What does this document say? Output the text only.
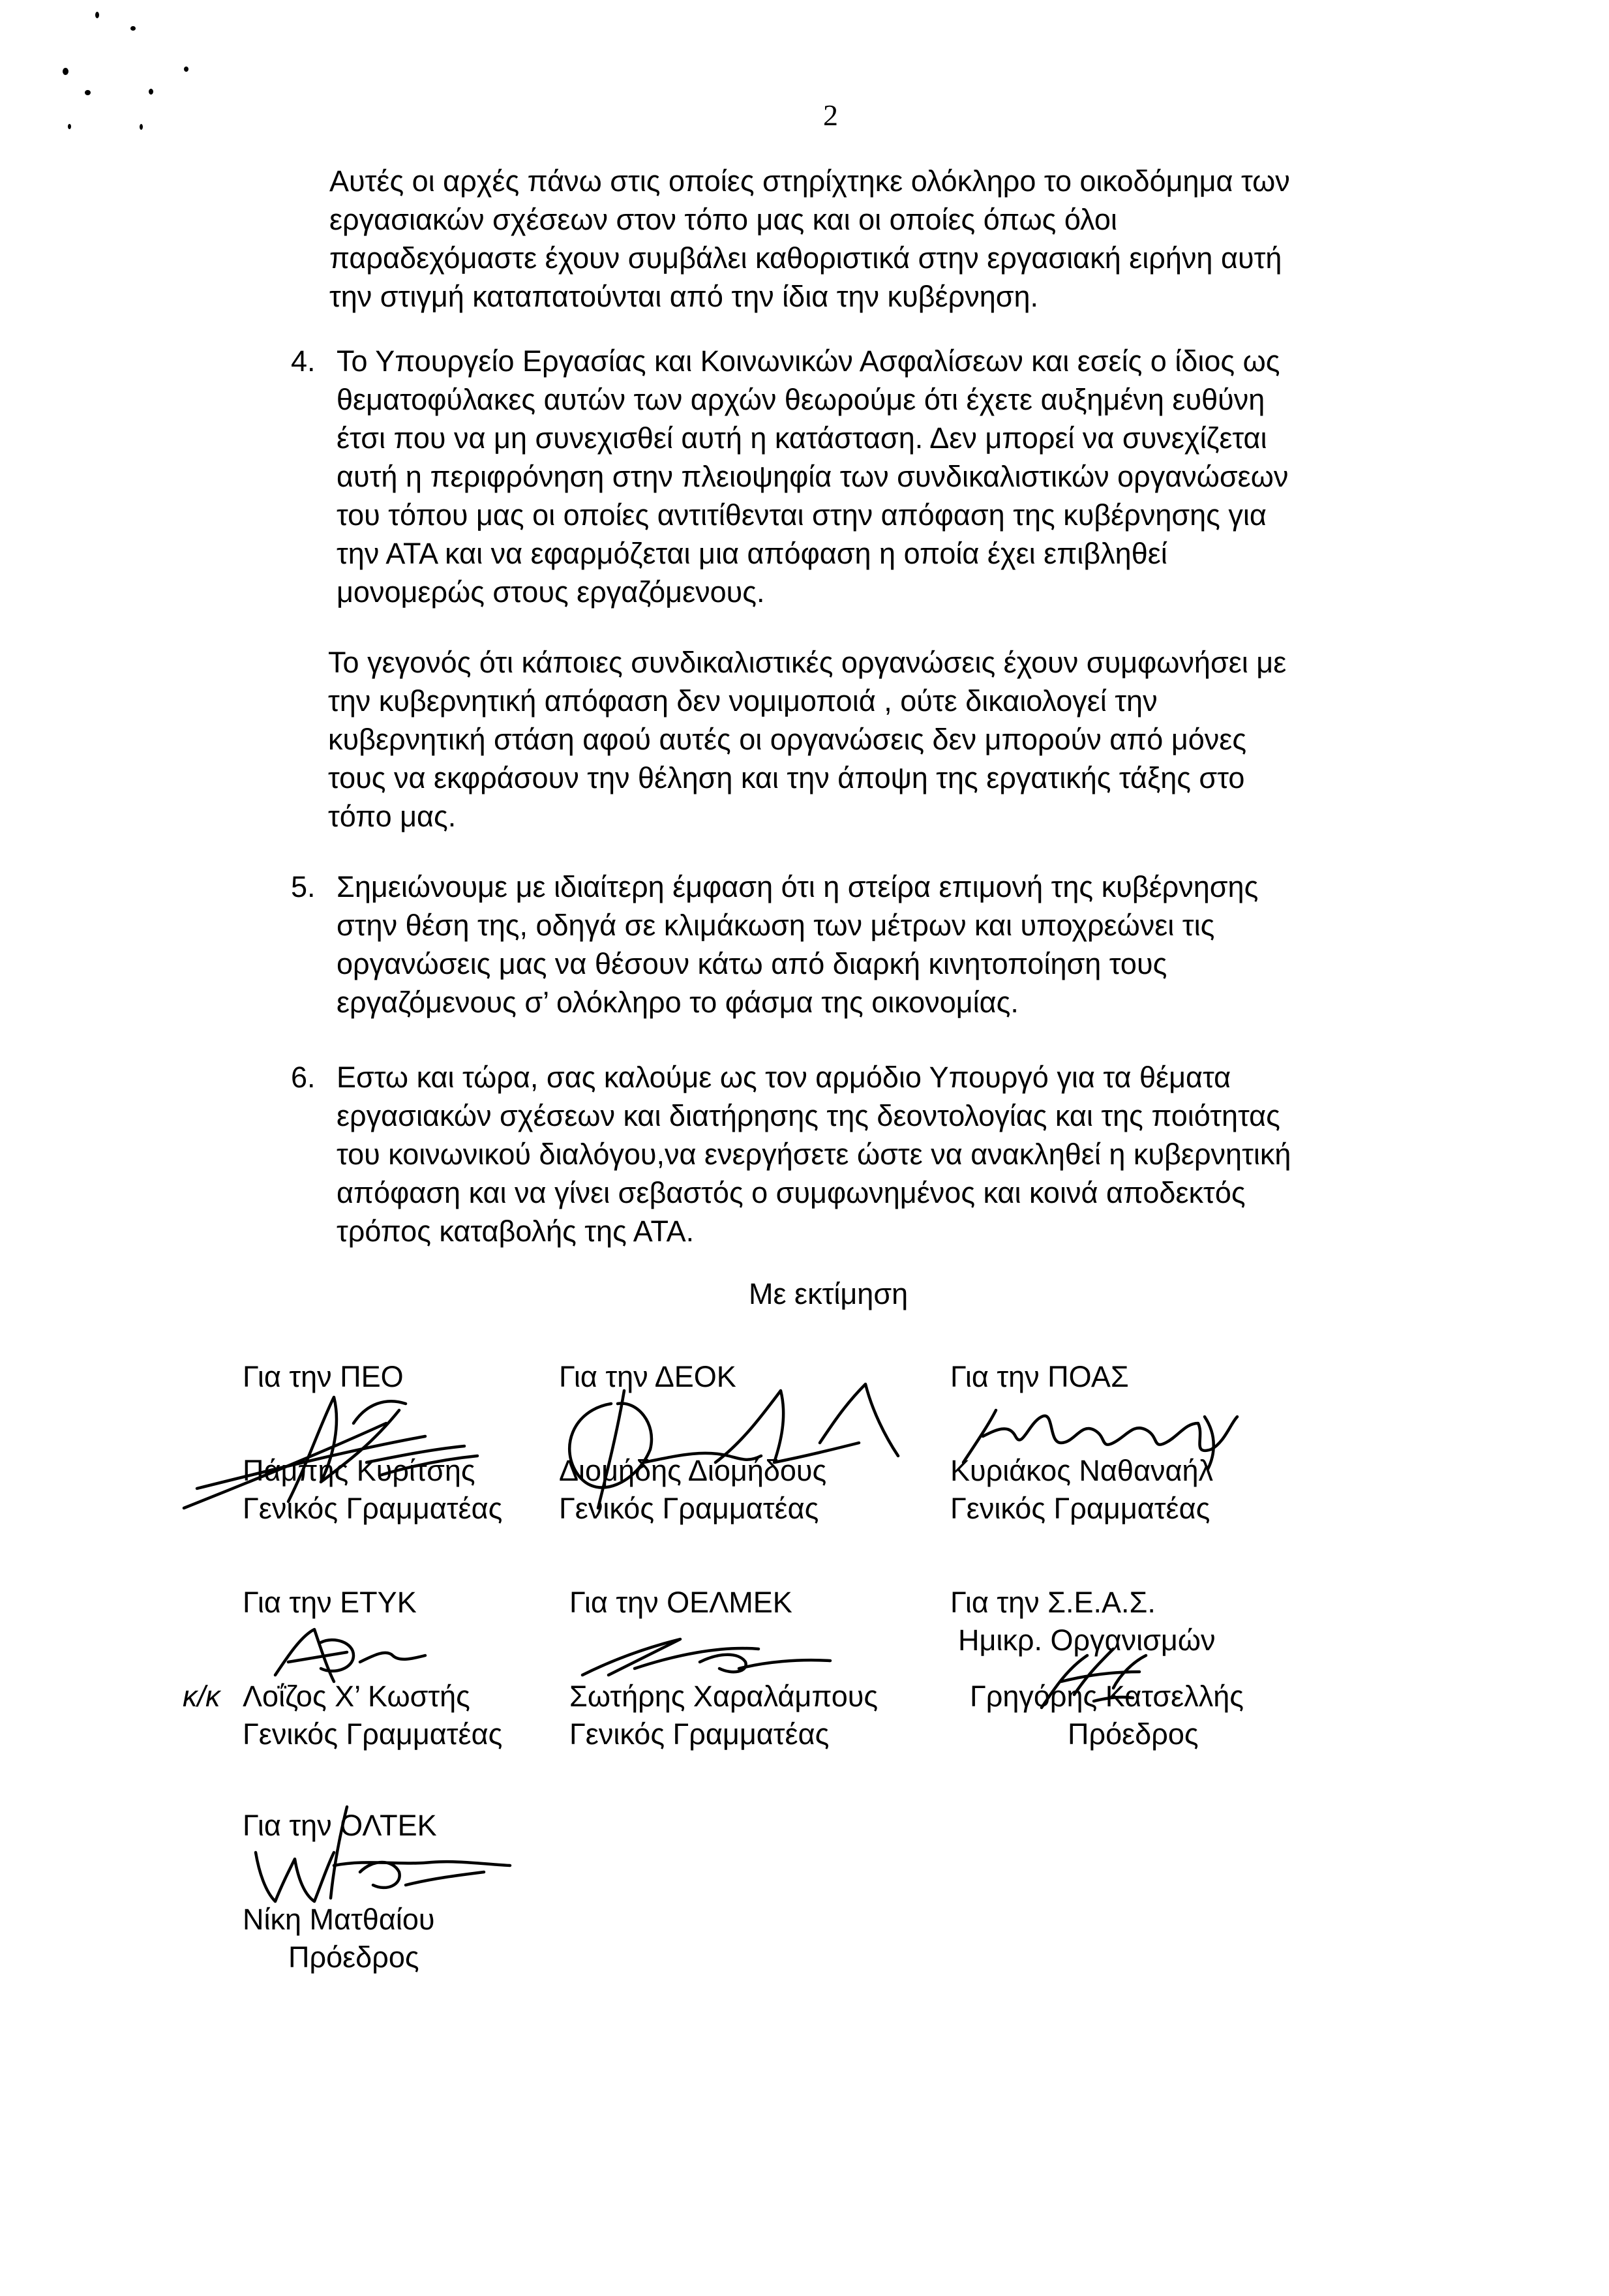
2

Αυτές οι αρχές πάνω στις οποίες στηρίχτηκε ολόκληρο το οικοδόμημα των
εργασιακών σχέσεων στον τόπο μας και οι οποίες όπως όλοι
παραδεχόμαστε έχουν συμβάλει καθοριστικά στην εργασιακή ειρήνη αυτή
την στιγμή καταπατούνται από την ίδια την κυβέρνηση.

4. Το Υπουργείο Εργασίας και Κοινωνικών Ασφαλίσεων και εσείς ο ίδιος ως
θεματοφύλακες αυτών των αρχών θεωρούμε ότι έχετε αυξημένη ευθύνη
έτσι που να μη συνεχισθεί αυτή η κατάσταση. Δεν μπορεί να συνεχίζεται
αυτή η περιφρόνηση στην πλειοψηφία των συνδικαλιστικών οργανώσεων
του τόπου μας οι οποίες αντιτίθενται στην απόφαση της κυβέρνησης για
την ΑΤΑ και να εφαρμόζεται μια απόφαση η οποία έχει επιβληθεί
μονομερώς στους εργαζόμενους.

Το γεγονός ότι κάποιες συνδικαλιστικές οργανώσεις έχουν συμφωνήσει με
την κυβερνητική απόφαση δεν νομιμοποιά , ούτε δικαιολογεί την
κυβερνητική στάση αφού αυτές οι οργανώσεις δεν μπορούν από μόνες
τους να εκφράσουν την θέληση και την άποψη της εργατικής τάξης στο
τόπο μας.

5. Σημειώνουμε με ιδιαίτερη έμφαση ότι η στείρα επιμονή της κυβέρνησης
στην θέση της, οδηγά σε κλιμάκωση των μέτρων και υποχρεώνει τις
οργανώσεις μας να θέσουν κάτω από διαρκή κινητοποίηση τους
εργαζόμενους σ’ ολόκληρο το φάσμα της οικονομίας.
6. Εστω και τώρα, σας καλούμε ως τον αρμόδιο Υπουργό για τα θέματα
εργασιακών σχέσεων και διατήρησης της δεοντολογίας και της ποιότητας
του κοινωνικού διαλόγου,να ενεργήσετε ώστε να ανακληθεί η κυβερνητική
απόφαση και να γίνει σεβαστός ο συμφωνημένος και κοινά αποδεκτός
τρόπος καταβολής της ΑΤΑ.
Με εκτίμηση
Για την ΠΕΟ
Πάμπης Κυρίτσης
Γενικός Γραμματέας
Για την ΔΕΟΚ
Διομήδης Διομήδους
Γενικός Γραμματέας
Για την ΠΟΑΣ
Κυριάκος Ναθαναήλ
Γενικός Γραμματέας
Για την ΕΤΥΚ
κ/κ Λοΐζος Χ’ Κωστής
Γενικός Γραμματέας
Για την ΟΕΛΜΕΚ
Σωτήρης Χαραλάμπους
Γενικός Γραμματέας
Για την Σ.Ε.Α.Σ.
Ημικρ. Οργανισμών
Γρηγόρης Κατσελλής
Πρόεδρος
Για την ΟΛΤΕΚ
Νίκη Ματθαίου
Πρόεδρος
